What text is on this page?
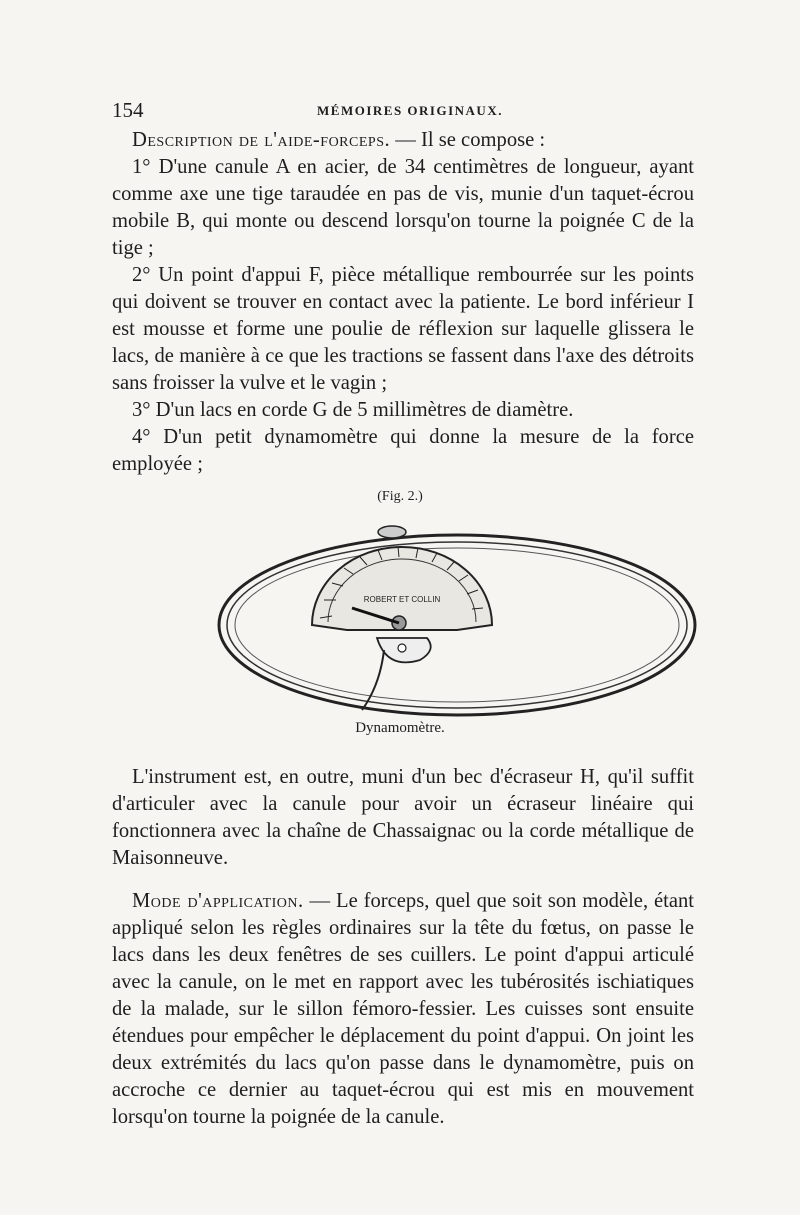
154	MÉMOIRES ORIGINAUX.

Description de l'aide-forceps. — Il se compose :

1° D'une canule A en acier, de 34 centimètres de longueur, ayant comme axe une tige taraudée en pas de vis, munie d'un taquet-écrou mobile B, qui monte ou descend lorsqu'on tourne la poignée C de la tige ;

2° Un point d'appui F, pièce métallique rembourrée sur les points qui doivent se trouver en contact avec la patiente. Le bord inférieur I est mousse et forme une poulie de réflexion sur laquelle glissera le lacs, de manière à ce que les tractions se fassent dans l'axe des détroits sans froisser la vulve et le vagin ;

3° D'un lacs en corde G de 5 millimètres de diamètre.

4° D'un petit dynamomètre qui donne la mesure de la force employée ;

(Fig. 2.)
ROBERT ET COLLIN
Dynamomètre.

L'instrument est, en outre, muni d'un bec d'écraseur H, qu'il suffit d'articuler avec la canule pour avoir un écraseur linéaire qui fonctionnera avec la chaîne de Chassaignac ou la corde métallique de Maisonneuve.

Mode d'application. — Le forceps, quel que soit son modèle, étant appliqué selon les règles ordinaires sur la tête du fœtus, on passe le lacs dans les deux fenêtres de ses cuillers. Le point d'appui articulé avec la canule, on le met en rapport avec les tubérosités ischiatiques de la malade, sur le sillon fémoro-fessier. Les cuisses sont ensuite étendues pour empêcher le déplacement du point d'appui. On joint les deux extrémités du lacs qu'on passe dans le dynamomètre, puis on accroche ce dernier au taquet-écrou qui est mis en mouvement lorsqu'on tourne la poignée de la canule.
